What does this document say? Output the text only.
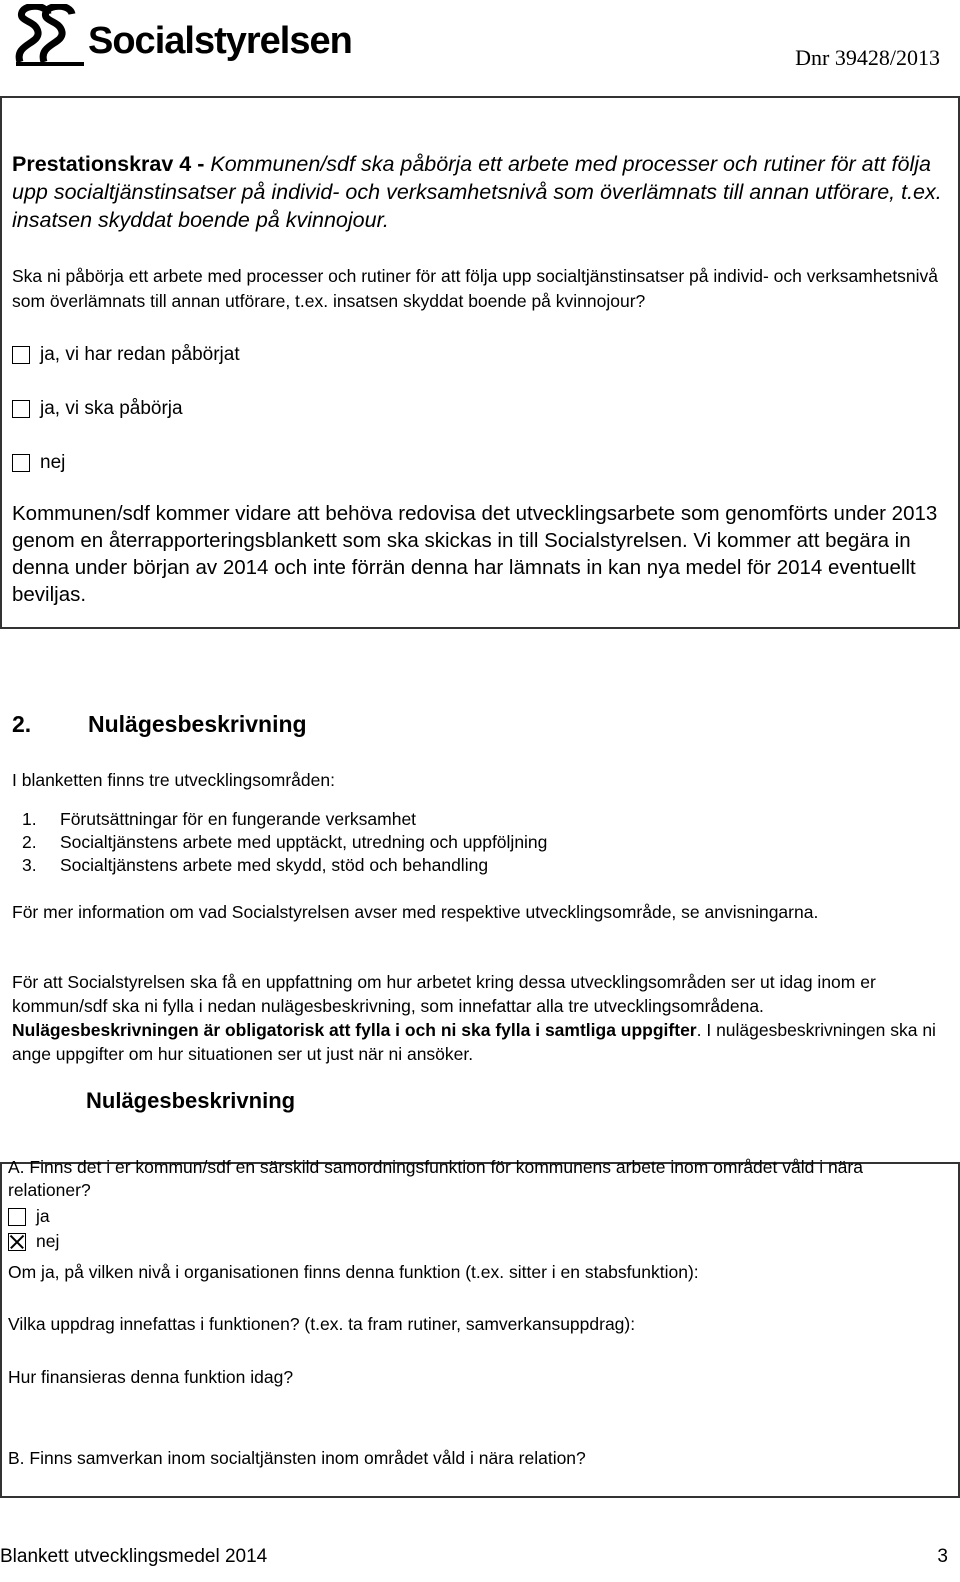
Socialstyrelsen	Dnr 39428/2013
Prestationskrav 4 - Kommunen/sdf ska påbörja ett arbete med processer och rutiner för att följa upp socialtjänstinsatser på individ- och verksamhetsnivå som överlämnats till annan utförare, t.ex. insatsen skyddat boende på kvinnojour.
Ska ni påbörja ett arbete med processer och rutiner för att följa upp socialtjänstinsatser på individ- och verksamhetsnivå som överlämnats till annan utförare, t.ex. insatsen skyddat boende på kvinnojour?
ja, vi har redan påbörjat
ja, vi ska påbörja
nej
Kommunen/sdf kommer vidare att behöva redovisa det utvecklingsarbete som genomförts under 2013 genom en återrapporteringsblankett som ska skickas in till Socialstyrelsen. Vi kommer att begära in denna under början av 2014 och inte förrän denna har lämnats in kan nya medel för 2014 eventuellt beviljas.
2. Nulägesbeskrivning
I blanketten finns tre utvecklingsområden:
1. Förutsättningar för en fungerande verksamhet
2. Socialtjänstens arbete med upptäckt, utredning och uppföljning
3. Socialtjänstens arbete med skydd, stöd och behandling
För mer information om vad Socialstyrelsen avser med respektive utvecklingsområde, se anvisningarna.
För att Socialstyrelsen ska få en uppfattning om hur arbetet kring dessa utvecklingsområden ser ut idag inom er kommun/sdf ska ni fylla i nedan nulägesbeskrivning, som innefattar alla tre utvecklingsområdena. Nulägesbeskrivningen är obligatorisk att fylla i och ni ska fylla i samtliga uppgifter. I nulägesbeskrivningen ska ni ange uppgifter om hur situationen ser ut just när ni ansöker.
Nulägesbeskrivning
A. Finns det i er kommun/sdf en särskild samordningsfunktion för kommunens arbete inom området våld i nära relationer?
ja
nej
Om ja, på vilken nivå i organisationen finns denna funktion (t.ex. sitter i en stabsfunktion):
Vilka uppdrag innefattas i funktionen? (t.ex. ta fram rutiner, samverkansuppdrag):
Hur finansieras denna funktion idag?
B. Finns samverkan inom socialtjänsten inom området våld i nära relation?
Blankett utvecklingsmedel 2014	3
